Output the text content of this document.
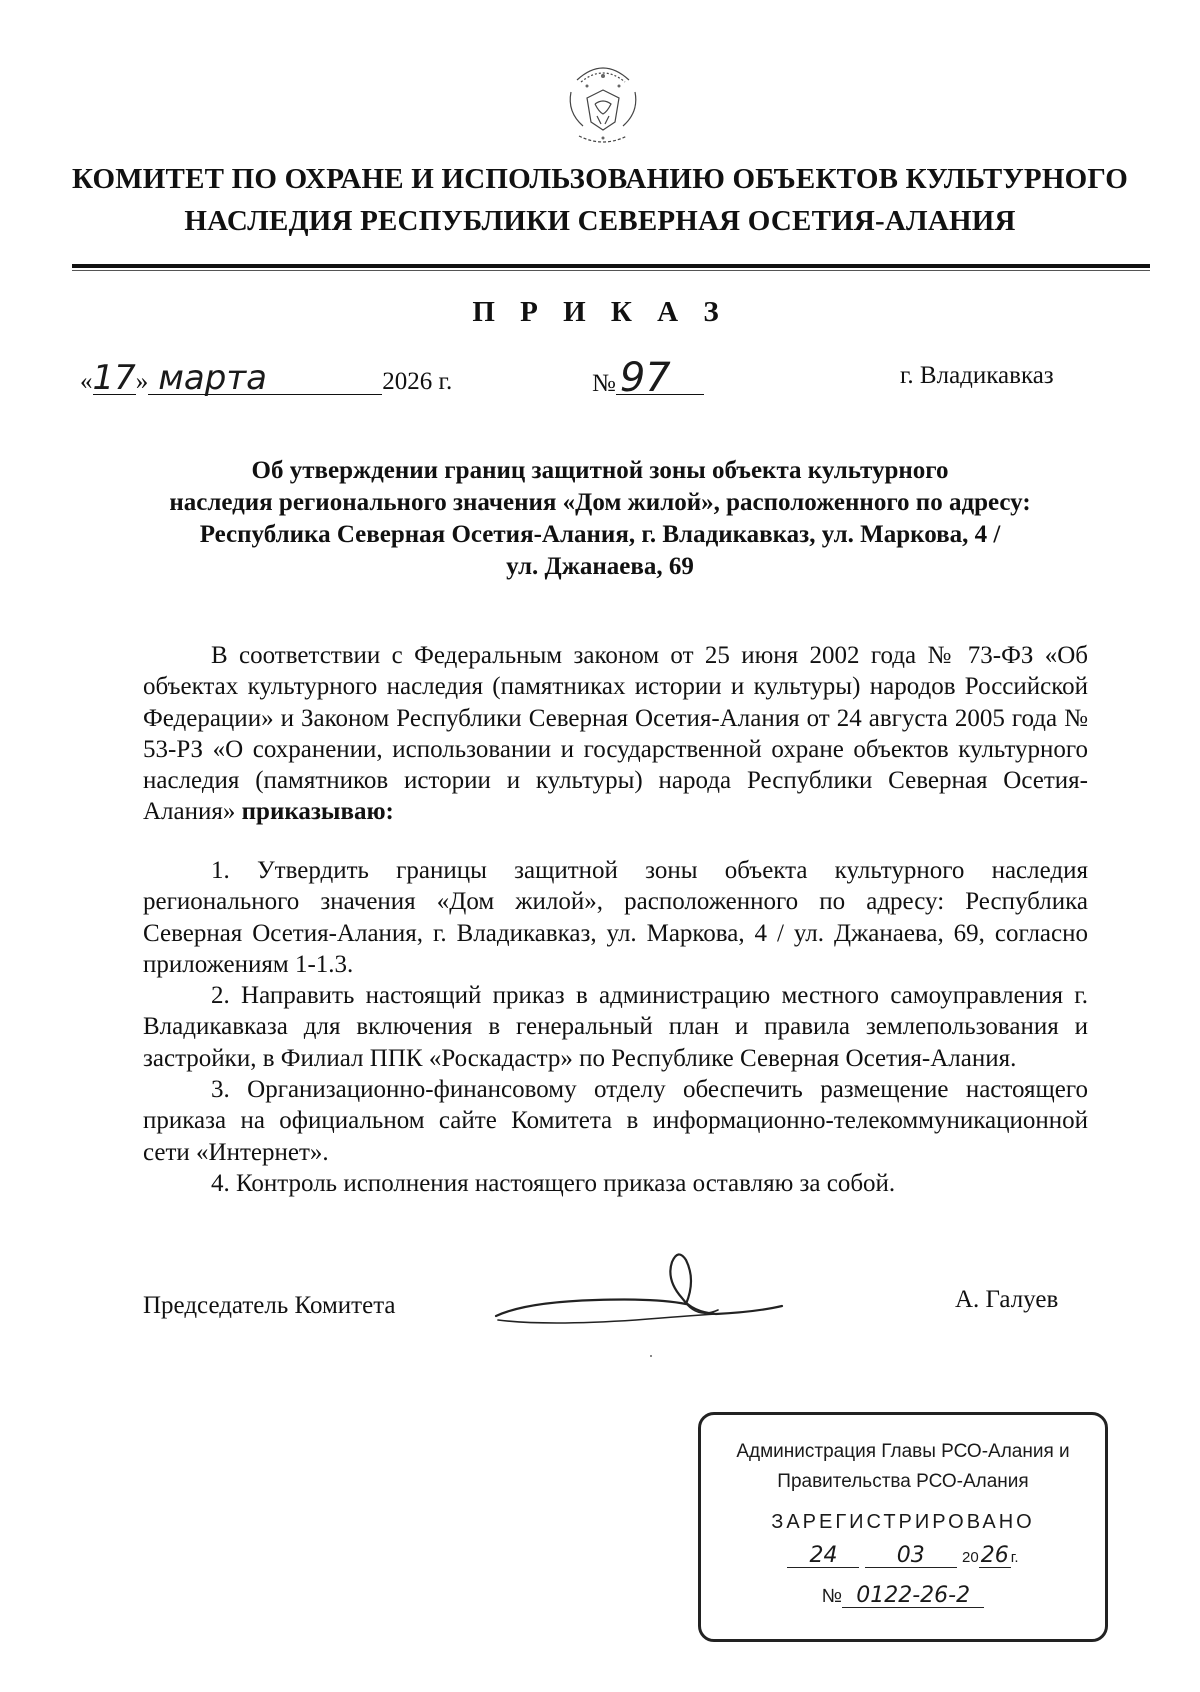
КОМИТЕТ ПО ОХРАНЕ И ИСПОЛЬЗОВАНИЮ ОБЪЕКТОВ КУЛЬТУРНОГО
НАСЛЕДИЯ РЕСПУБЛИКИ СЕВЕРНАЯ ОСЕТИЯ-АЛАНИЯ
П Р И К А З
«17» марта	2026 г.	№ 97	г. Владикавказ
Об утверждении границ защитной зоны объекта культурного
наследия регионального значения «Дом жилой», расположенного по адресу:
Республика Северная Осетия-Алания, г. Владикавказ, ул. Маркова, 4 /
ул. Джанаева, 69

В соответствии с Федеральным законом от 25 июня 2002 года № 73-ФЗ «Об объектах культурного наследия (памятниках истории и культуры) народов Российской Федерации» и Законом Республики Северная Осетия-Алания от 24 августа 2005 года № 53-РЗ «О сохранении, использовании и государственной охране объектов культурного наследия (памятников истории и культуры) народа Республики Северная Осетия-Алания» приказываю:

1. Утвердить границы защитной зоны объекта культурного наследия регионального значения «Дом жилой», расположенного по адресу: Республика Северная Осетия-Алания, г. Владикавказ, ул. Маркова, 4 / ул. Джанаева, 69, согласно приложениям 1-1.3.

2. Направить настоящий приказ в администрацию местного самоуправления г. Владикавказа для включения в генеральный план и правила землепользования и застройки, в Филиал ППК «Роскадастр» по Республике Северная Осетия-Алания.

3. Организационно-финансовому отделу обеспечить размещение настоящего приказа на официальном сайте Комитета в информационно-телекоммуникационной сети «Интернет».

4. Контроль исполнения настоящего приказа оставляю за собой.

Председатель Комитета	А. Галуев
Администрация Главы РСО-Алания и
Правительства РСО-Алания
ЗАРЕГИСТРИРОВАНО
24	03 2026 г.
№ 0122-26-2
